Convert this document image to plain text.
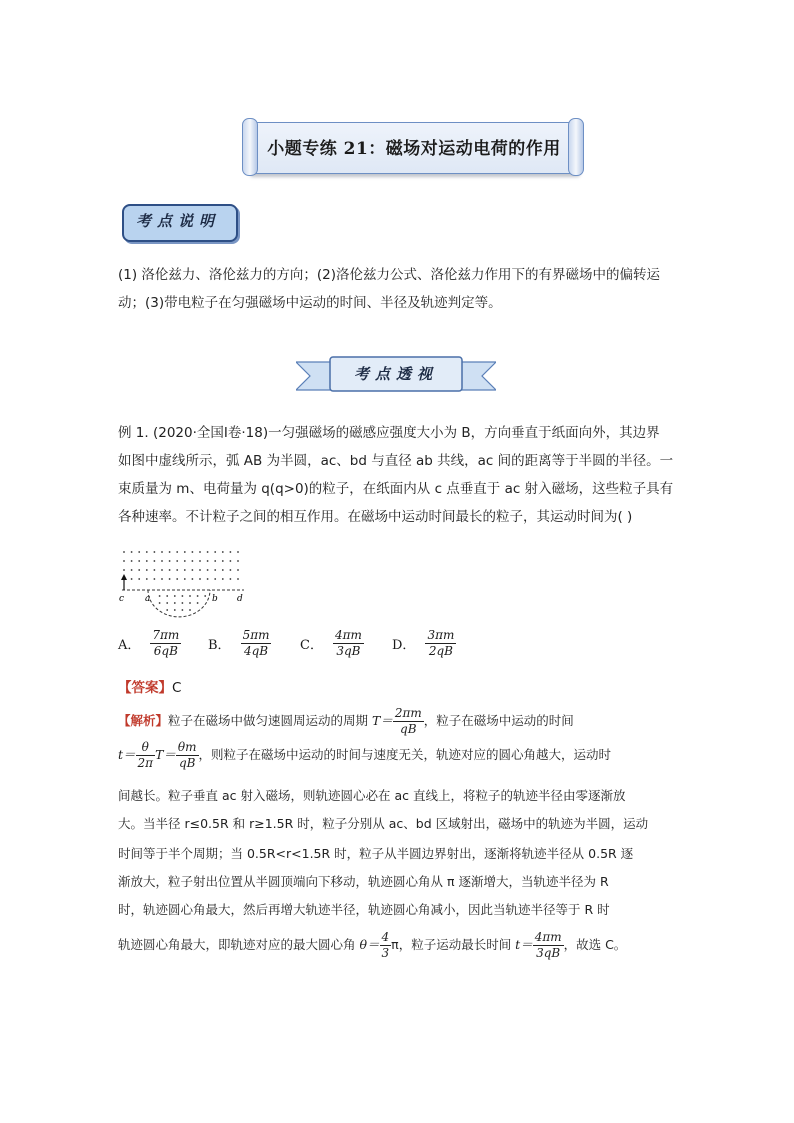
小题专练 21：磁场对运动电荷的作用
考点说明
(1) 洛伦兹力、洛伦兹力的方向；(2)洛伦兹力公式、洛伦兹力作用下的有界磁场中的偏转运
动；(3)带电粒子在匀强磁场中运动的时间、半径及轨迹判定等。
考点透视
例 1. (2020·全国Ⅰ卷·18)一匀强磁场的磁感应强度大小为 B，方向垂直于纸面向外，其边界
如图中虚线所示，弧 AB 为半圆，ac、bd 与直径 ab 共线，ac 间的距离等于半圆的半径。一
束质量为 m、电荷量为 q(q>0)的粒子，在纸面内从 c 点垂直于 ac 射入磁场，这些粒子具有
各种速率。不计粒子之间的相互作用。在磁场中运动时间最长的粒子，其运动时间为( )
c a	b d
A． $\frac{7\pi m}{6qB}$ B． $\frac{5\pi m}{4qB}$ C． $\frac{4\pi m}{3qB}$ D． $\frac{3\pi m}{2qB}$
【答案】C
【解析】粒子在磁场中做匀速圆周运动的周期 $T= \frac{2\pi m}{qB}$ ，粒子在磁场中运动的时间
$t= \frac{\theta}{2\pi} T= \frac{\theta m}{qB}$ ，则粒子在磁场中运动的时间与速度无关，轨迹对应的圆心角越大，运动时
间越长。粒子垂直 ac 射入磁场，则轨迹圆心必在 ac 直线上，将粒子的轨迹半径由零逐渐放
大。当半径 r≤0.5R 和 r≥1.5R 时，粒子分别从 ac、bd 区域射出，磁场中的轨迹为半圆，运动
时间等于半个周期；当 0.5R<r<1.5R 时，粒子从半圆边界射出，逐渐将轨迹半径从 0.5R 逐
渐放大，粒子射出位置从半圆顶端向下移动，轨迹圆心角从 π 逐渐增大，当轨迹半径为 R
时，轨迹圆心角最大，然后再增大轨迹半径，轨迹圆心角减小，因此当轨迹半径等于 R 时
轨迹圆心角最大，即轨迹对应的最大圆心角 $\theta= \frac{4}{3}$ π，粒子运动最长时间 $t= \frac{4\pi m}{3qB}$ ，故选 C。
